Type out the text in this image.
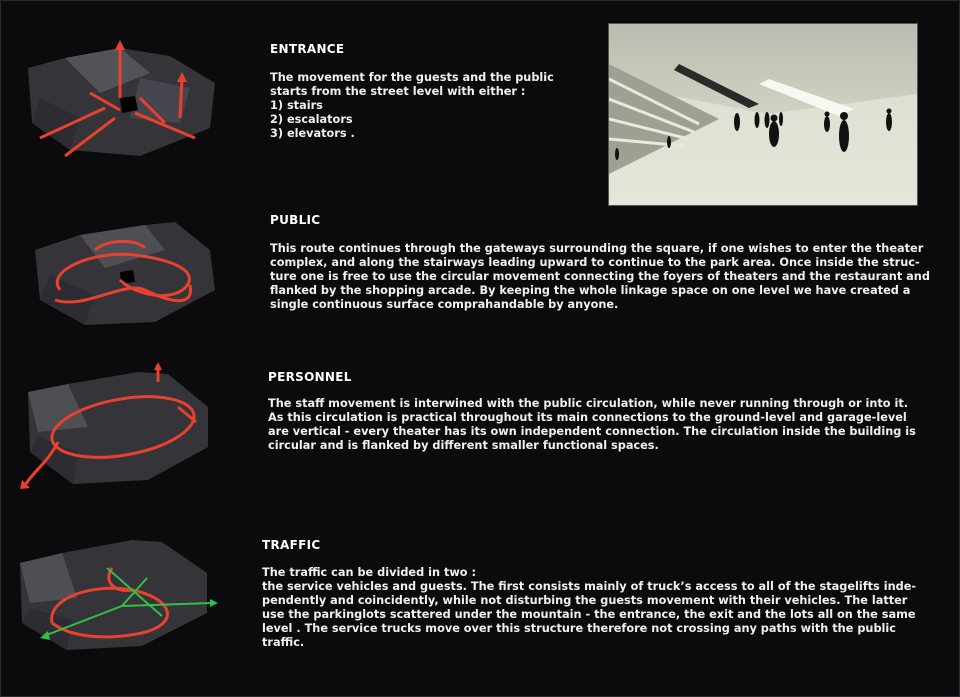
ENTRANCE
The movement for the guests and the public
starts from the street level with either :
1) stairs
2) escalators
3) elevators .
PUBLIC
This route continues through the gateways surrounding the square, if one wishes to enter the theater
complex, and along the stairways leading upward to continue to the park area. Once inside the struc-
ture one is free to use the circular movement connecting the foyers of theaters and the restaurant and
flanked by the shopping arcade. By keeping the whole linkage space on one level we have created a
single continuous surface comprahandable by anyone.
PERSONNEL
The staff movement is interwined with the public circulation, while never running through or into it.
As this circulation is practical throughout its main connections to the ground-level and garage-level
are vertical - every theater has its own independent connection. The circulation inside the building is
circular and is flanked by different smaller functional spaces.
TRAFFIC
The traffic can be divided in two :
the service vehicles and guests. The first consists mainly of truck’s access to all of the stagelifts inde-
pendently and coincidently, while not disturbing the guests movement with their vehicles. The latter
use the parkinglots scattered under the mountain - the entrance, the exit and the lots all on the same
level . The service trucks move over this structure therefore not crossing any paths with the public
traffic.
